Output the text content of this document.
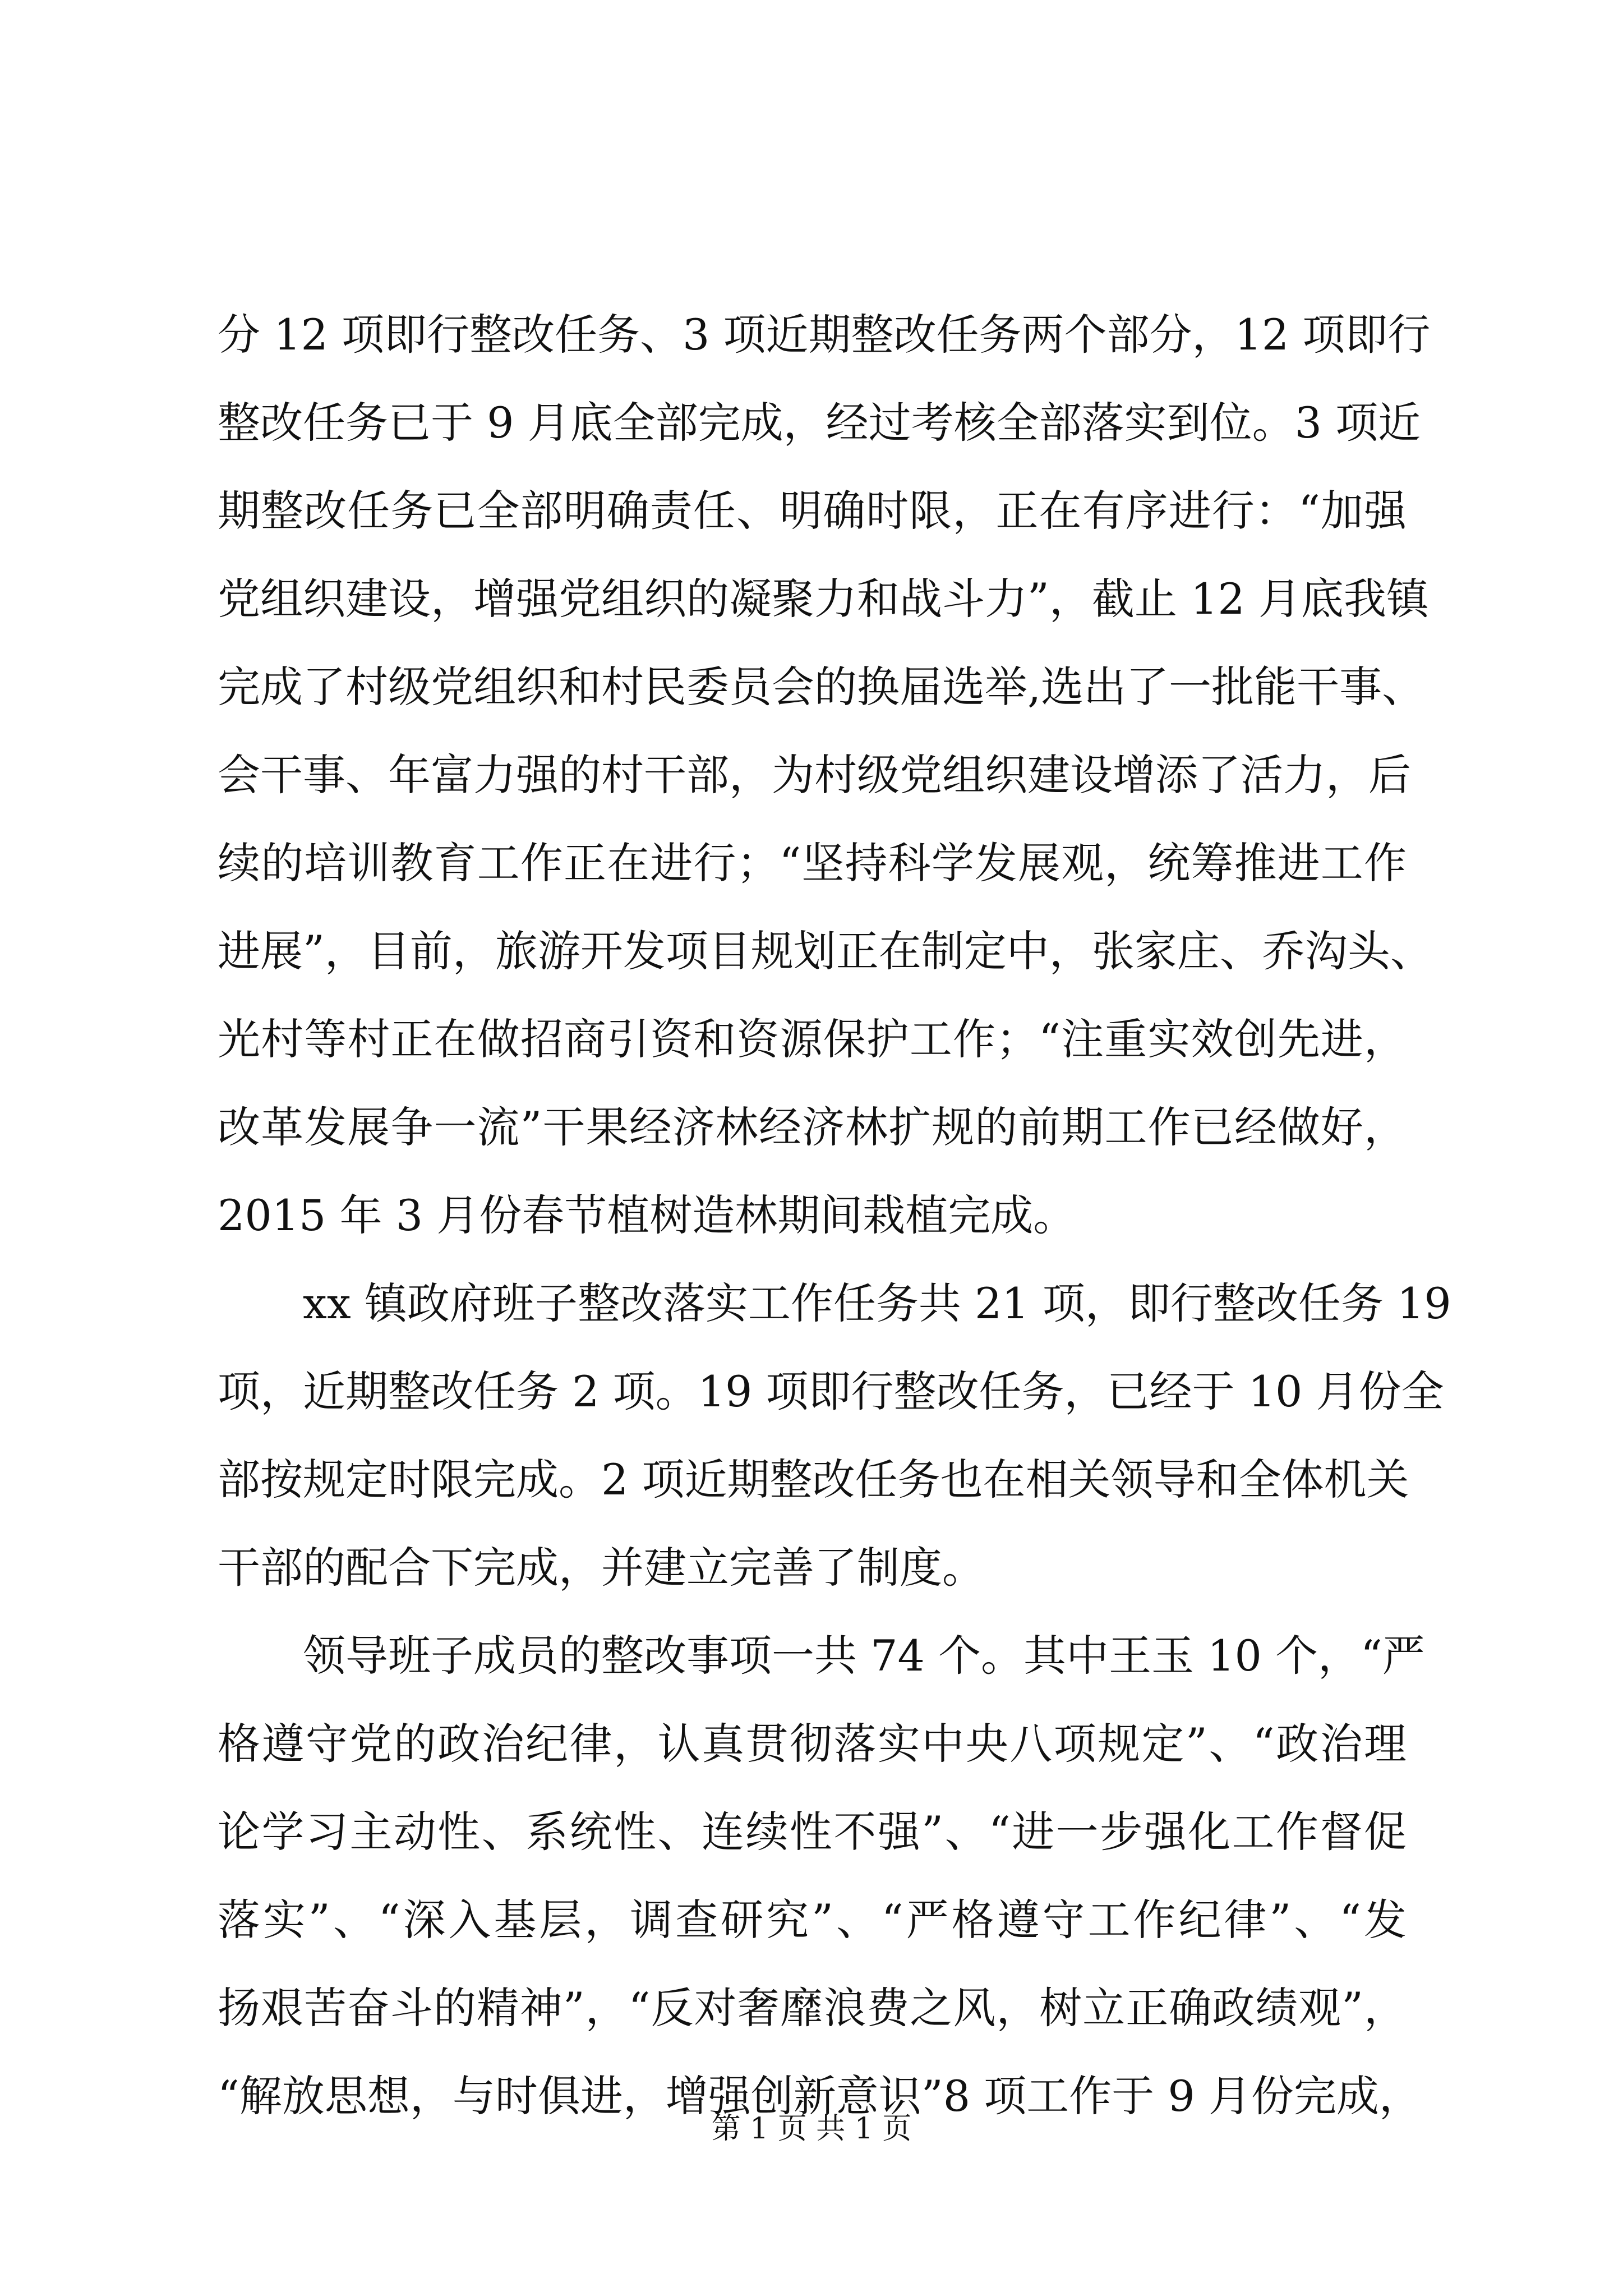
分 12 项即行整改任务、3 项近期整改任务两个部分，12 项即行
整改任务已于 9 月底全部完成，经过考核全部落实到位。3 项近
期整改任务已全部明确责任、明确时限，正在有序进行：“加强
党组织建设，增强党组织的凝聚力和战斗力”，截止 12 月底我镇
完成了村级党组织和村民委员会的换届选举,选出了一批能干事、
会干事、年富力强的村干部，为村级党组织建设增添了活力，后
续的培训教育工作正在进行；“坚持科学发展观，统筹推进工作
进展”，目前，旅游开发项目规划正在制定中，张家庄、乔沟头、
光村等村正在做招商引资和资源保护工作；“注重实效创先进，
改革发展争一流”干果经济林经济林扩规的前期工作已经做好，
2015 年 3 月份春节植树造林期间栽植完成。
xx 镇政府班子整改落实工作任务共 21 项，即行整改任务 19
项，近期整改任务 2 项。19 项即行整改任务，已经于 10 月份全
部按规定时限完成。2 项近期整改任务也在相关领导和全体机关
干部的配合下完成，并建立完善了制度。
领导班子成员的整改事项一共 74 个。其中王玉 10 个，“严
格遵守党的政治纪律，认真贯彻落实中央八项规定”、“政治理
论学习主动性、系统性、连续性不强”、“进一步强化工作督促
落实”、“深入基层，调查研究”、“严格遵守工作纪律”、“发
扬艰苦奋斗的精神”，“反对奢靡浪费之风，树立正确政绩观”，
“解放思想，与时俱进，增强创新意识”8 项工作于 9 月份完成，
第 1 页 共 1 页
